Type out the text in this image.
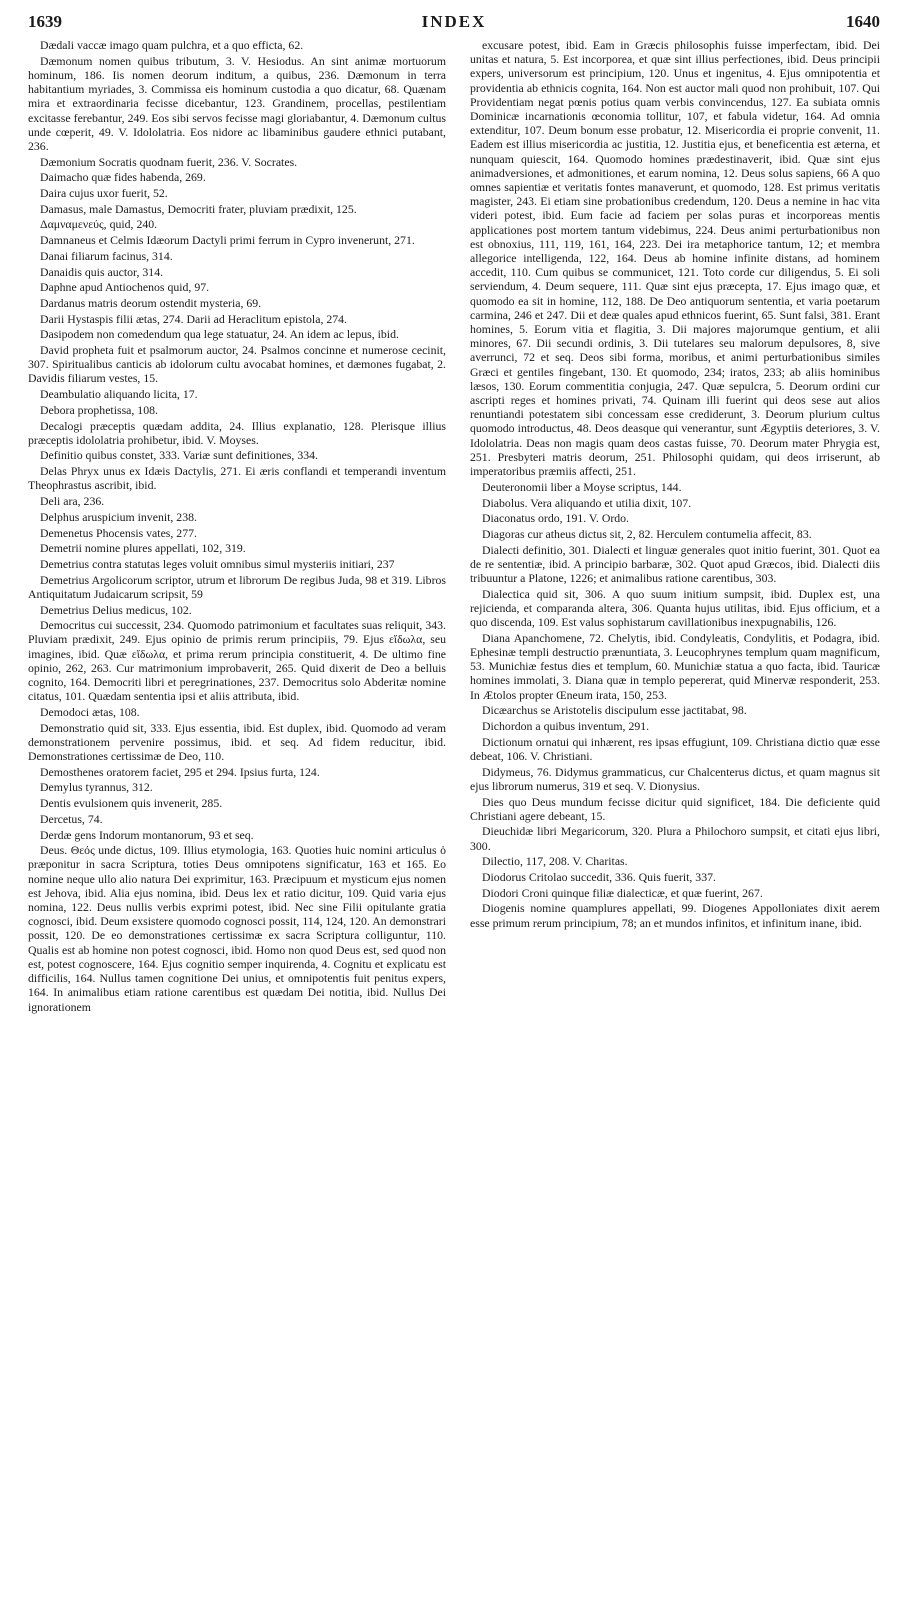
1639	INDEX	1640

Dædali vaccæ imago quam pulchra, et a quo efficta, 62.

Dæmonum nomen quibus tributum, 3. V. Hesiodus. An sint animæ mortuorum hominum, 186. Iis nomen deorum inditum, a quibus, 236. Dæmonum in terra habitantium myriades, 3. Commissa eis hominum custodia a quo dicatur, 68. Quænam mira et extraordinaria fecisse dicebantur, 123. Grandinem, procellas, pestilentiam excitasse ferebantur, 249. Eos sibi servos fecisse magi gloriabantur, 4. Dæmonum cultus unde cœperit, 49. V. Idololatria. Eos nidore ac libaminibus gaudere ethnici putabant, 236.

Dæmonium Socratis quodnam fuerit, 236. V. Socrates.

Daimacho quæ fides habenda, 269.

Daira cujus uxor fuerit, 52.

Damasus, male Damastus, Democriti frater, pluviam prædixit, 125.

Δαμναμενεύς, quid, 240.

Damnaneus et Celmis Idæorum Dactyli primi ferrum in Cypro invenerunt, 271.

Danai filiarum facinus, 314.

Danaidis quis auctor, 314.

Daphne apud Antiochenos quid, 97.

Dardanus matris deorum ostendit mysteria, 69.

Darii Hystaspis filii ætas, 274. Darii ad Heraclitum epistola, 274.

Dasipodem non comedendum qua lege statuatur, 24. An idem ac lepus, ibid.

David propheta fuit et psalmorum auctor, 24. Psalmos concinne et numerose cecinit, 307. Spiritualibus canticis ab idolorum cultu avocabat homines, et dæmones fugabat, 2. Davidis filiarum vestes, 15.

Deambulatio aliquando licita, 17.

Debora prophetissa, 108.

Decalogi præceptis quædam addita, 24. Illius explanatio, 128. Plerisque illius præceptis idololatria prohibetur, ibid. V. Moyses.

Definitio quibus constet, 333. Variæ sunt definitiones, 334.

Delas Phryx unus ex Idæis Dactylis, 271. Ei æris conflandi et temperandi inventum Theophrastus ascribit, ibid.

Deli ara, 236.

Delphus aruspicium invenit, 238.

Demenetus Phocensis vates, 277.

Demetrii nomine plures appellati, 102, 319.

Demetrius contra statutas leges voluit omnibus simul mysteriis initiari, 237

Demetrius Argolicorum scriptor, utrum et librorum De regibus Juda, 98 et 319. Libros Antiquitatum Judaicarum scripsit, 59

Demetrius Delius medicus, 102.

Democritus cui successit, 234. Quomodo patrimonium et facultates suas reliquit, 343. Pluviam prædixit, 249. Ejus opinio de primis rerum principiis, 79. Ejus εἴδωλα, seu imagines, ibid. Quæ εἴδωλα, et prima rerum principia constituerit, 4. De ultimo fine opinio, 262, 263. Cur matrimonium improbaverit, 265. Quid dixerit de Deo a belluis cognito, 164. Democriti libri et peregrinationes, 237. Democritus solo Abderitæ nomine citatus, 101. Quædam sententia ipsi et aliis attributa, ibid.

Demodoci ætas, 108.

Demonstratio quid sit, 333. Ejus essentia, ibid. Est duplex, ibid. Quomodo ad veram demonstrationem pervenire possimus, ibid. et seq. Ad fidem reducitur, ibid. Demonstrationes certissimæ de Deo, 110.

Demosthenes oratorem faciet, 295 et 294. Ipsius furta, 124.

Demylus tyrannus, 312.

Dentis evulsionem quis invenerit, 285.

Dercetus, 74.

Derdæ gens Indorum montanorum, 93 et seq.

Deus. Θεός unde dictus, 109. Illius etymologia, 163. Quoties huic nomini articulus ὁ præponitur in sacra Scriptura, toties Deus omnipotens significatur, 163 et 165. Eo nomine neque ullo alio natura Dei exprimitur, 163. Præcipuum et mysticum ejus nomen est Jehova, ibid. Alia ejus nomina, ibid. Deus lex et ratio dicitur, 109. Quid varia ejus nomina, 122. Deus nullis verbis exprimi potest, ibid. Nec sine Filii opitulante gratia cognosci, ibid. Deum exsistere quomodo cognosci possit, 114, 124, 120. An demonstrari possit, 120. De eo demonstrationes certissimæ ex sacra Scriptura colliguntur, 110. Qualis est ab homine non potest cognosci, ibid. Homo non quod Deus est, sed quod non est, potest cognoscere, 164. Ejus cognitio semper inquirenda, 4. Cognitu et explicatu est difficilis, 164. Nullus tamen cognitione Dei unius, et omnipotentis fuit penitus expers, 164. In animalibus etiam ratione carentibus est quædam Dei notitia, ibid. Nullus Dei ignorationem

excusare potest, ibid. Eam in Græcis philosophis fuisse imperfectam, ibid. Dei unitas et natura, 5. Est incorporea, et quæ sint illius perfectiones, ibid. Deus principii expers, universorum est principium, 120. Unus et ingenitus, 4. Ejus omnipotentia et providentia ab ethnicis cognita, 164. Non est auctor mali quod non prohibuit, 107. Qui Providentiam negat pœnis potius quam verbis convincendus, 127. Ea subiata omnis Dominicæ incarnationis œconomia tollitur, 107, et fabula videtur, 164. Ad omnia extenditur, 107. Deum bonum esse probatur, 12. Misericordia ei proprie convenit, 11. Eadem est illius misericordia ac justitia, 12. Justitia ejus, et beneficentia est æterna, et nunquam quiescit, 164. Quomodo homines prædestinaverit, ibid. Quæ sint ejus animadversiones, et admonitiones, et earum nomina, 12. Deus solus sapiens, 66 A quo omnes sapientiæ et veritatis fontes manaverunt, et quomodo, 128. Est primus veritatis magister, 243. Ei etiam sine probationibus credendum, 120. Deus a nemine in hac vita videri potest, ibid. Eum facie ad faciem per solas puras et incorporeas mentis applicationes post mortem tantum videbimus, 224. Deus animi perturbationibus non est obnoxius, 111, 119, 161, 164, 223. Dei ira metaphorice tantum, 12; et membra allegorice intelligenda, 122, 164. Deus ab homine infinite distans, ad hominem accedit, 110. Cum quibus se communicet, 121. Toto corde cur diligendus, 5. Ei soli serviendum, 4. Deum sequere, 111. Quæ sint ejus præcepta, 17. Ejus imago quæ, et quomodo ea sit in homine, 112, 188. De Deo antiquorum sententia, et varia poetarum carmina, 246 et 247. Dii et deæ quales apud ethnicos fuerint, 65. Sunt falsi, 381. Erant homines, 5. Eorum vitia et flagitia, 3. Dii majores majorumque gentium, et alii minores, 67. Dii secundi ordinis, 3. Dii tutelares seu malorum depulsores, 8, sive averrunci, 72 et seq. Deos sibi forma, moribus, et animi perturbationibus similes Græci et gentiles fingebant, 130. Et quomodo, 234; iratos, 233; ab aliis hominibus læsos, 130. Eorum commentitia conjugia, 247. Quæ sepulcra, 5. Deorum ordini cur ascripti reges et homines privati, 74. Quinam illi fuerint qui deos sese aut alios renuntiandi potestatem sibi concessam esse crediderunt, 3. Deorum plurium cultus quomodo introductus, 48. Deos deasque qui venerantur, sunt Ægyptiis deteriores, 3. V. Idololatria. Deas non magis quam deos castas fuisse, 70. Deorum mater Phrygia est, 251. Presbyteri matris deorum, 251. Philosophi quidam, qui deos irriserunt, ab imperatoribus præmiis affecti, 251.

Deuteronomii liber a Moyse scriptus, 144.

Diabolus. Vera aliquando et utilia dixit, 107.

Diaconatus ordo, 191. V. Ordo.

Diagoras cur atheus dictus sit, 2, 82. Herculem contumelia affecit, 83.

Dialecti definitio, 301. Dialecti et linguæ generales quot initio fuerint, 301. Quot ea de re sententiæ, ibid. A principio barbaræ, 302. Quot apud Græcos, ibid. Dialecti diis tribuuntur a Platone, 1226; et animalibus ratione carentibus, 303.

Dialectica quid sit, 306. A quo suum initium sumpsit, ibid. Duplex est, una rejicienda, et comparanda altera, 306. Quanta hujus utilitas, ibid. Ejus officium, et a quo discenda, 109. Est valus sophistarum cavillationibus inexpugnabilis, 126.

Diana Apanchomene, 72. Chelytis, ibid. Condyleatis, Condylitis, et Podagra, ibid. Ephesinæ templi destructio prænuntiata, 3. Leucophrynes templum quam magnificum, 53. Munichiæ festus dies et templum, 60. Munichiæ statua a quo facta, ibid. Tauricæ homines immolati, 3. Diana quæ in templo pepererat, quid Minervæ responderit, 253. In Ætolos propter Œneum irata, 150, 253.

Dicæarchus se Aristotelis discipulum esse jactitabat, 98.

Dichordon a quibus inventum, 291.

Dictionum ornatui qui inhærent, res ipsas effugiunt, 109. Christiana dictio quæ esse debeat, 106. V. Christiani.

Didymeus, 76. Didymus grammaticus, cur Chalcenterus dictus, et quam magnus sit ejus librorum numerus, 319 et seq. V. Dionysius.

Dies quo Deus mundum fecisse dicitur quid significet, 184. Die deficiente quid Christiani agere debeant, 15.

Dieuchidæ libri Megaricorum, 320. Plura a Philochoro sumpsit, et citati ejus libri, 300.

Dilectio, 117, 208. V. Charitas.

Diodorus Critolao succedit, 336. Quis fuerit, 337.

Diodori Croni quinque filiæ dialecticæ, et quæ fuerint, 267.

Diogenis nomine quamplures appellati, 99. Diogenes Appolloniates dixit aerem esse primum rerum principium, 78; an et mundos infinitos, et infinitum inane, ibid.
